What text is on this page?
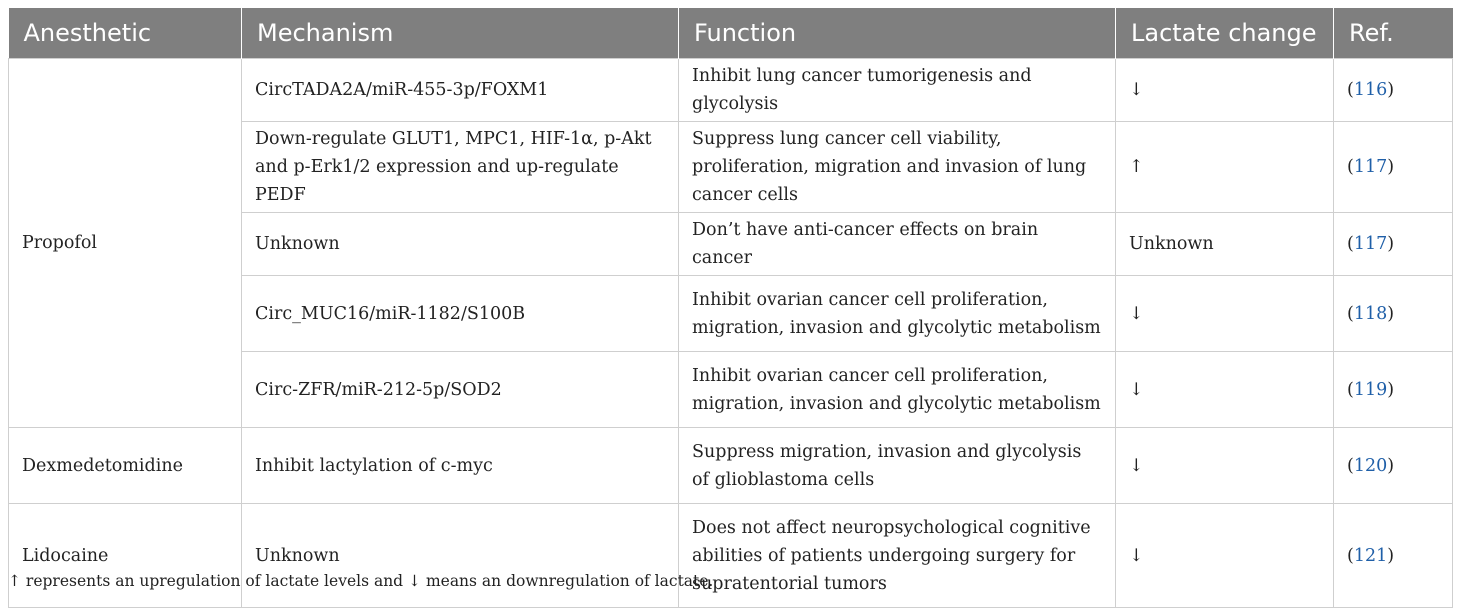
Anesthetic	Mechanism	Function	Lactate change	Ref.
Propofol	CircTADA2A/miR-455-3p/FOXM1	Inhibit lung cancer tumorigenesis and glycolysis	↓	(116)
	Down-regulate GLUT1, MPC1, HIF-1α, p-Akt and p-Erk1/2 expression and up-regulate PEDF	Suppress lung cancer cell viability, proliferation, migration and invasion of lung cancer cells	↑	(117)
	Unknown	Don’t have anti-cancer effects on brain cancer	Unknown	(117)
	Circ_MUC16/miR-1182/S100B	Inhibit ovarian cancer cell proliferation, migration, invasion and glycolytic metabolism	↓	(118)
	Circ-ZFR/miR-212-5p/SOD2	Inhibit ovarian cancer cell proliferation, migration, invasion and glycolytic metabolism	↓	(119)
Dexmedetomidine	Inhibit lactylation of c-myc	Suppress migration, invasion and glycolysis of glioblastoma cells	↓	(120)
Lidocaine	Unknown	Does not affect neuropsychological cognitive abilities of patients undergoing surgery for supratentorial tumors	↓	(121)
↑ represents an upregulation of lactate levels and ↓ means an downregulation of lactate.
